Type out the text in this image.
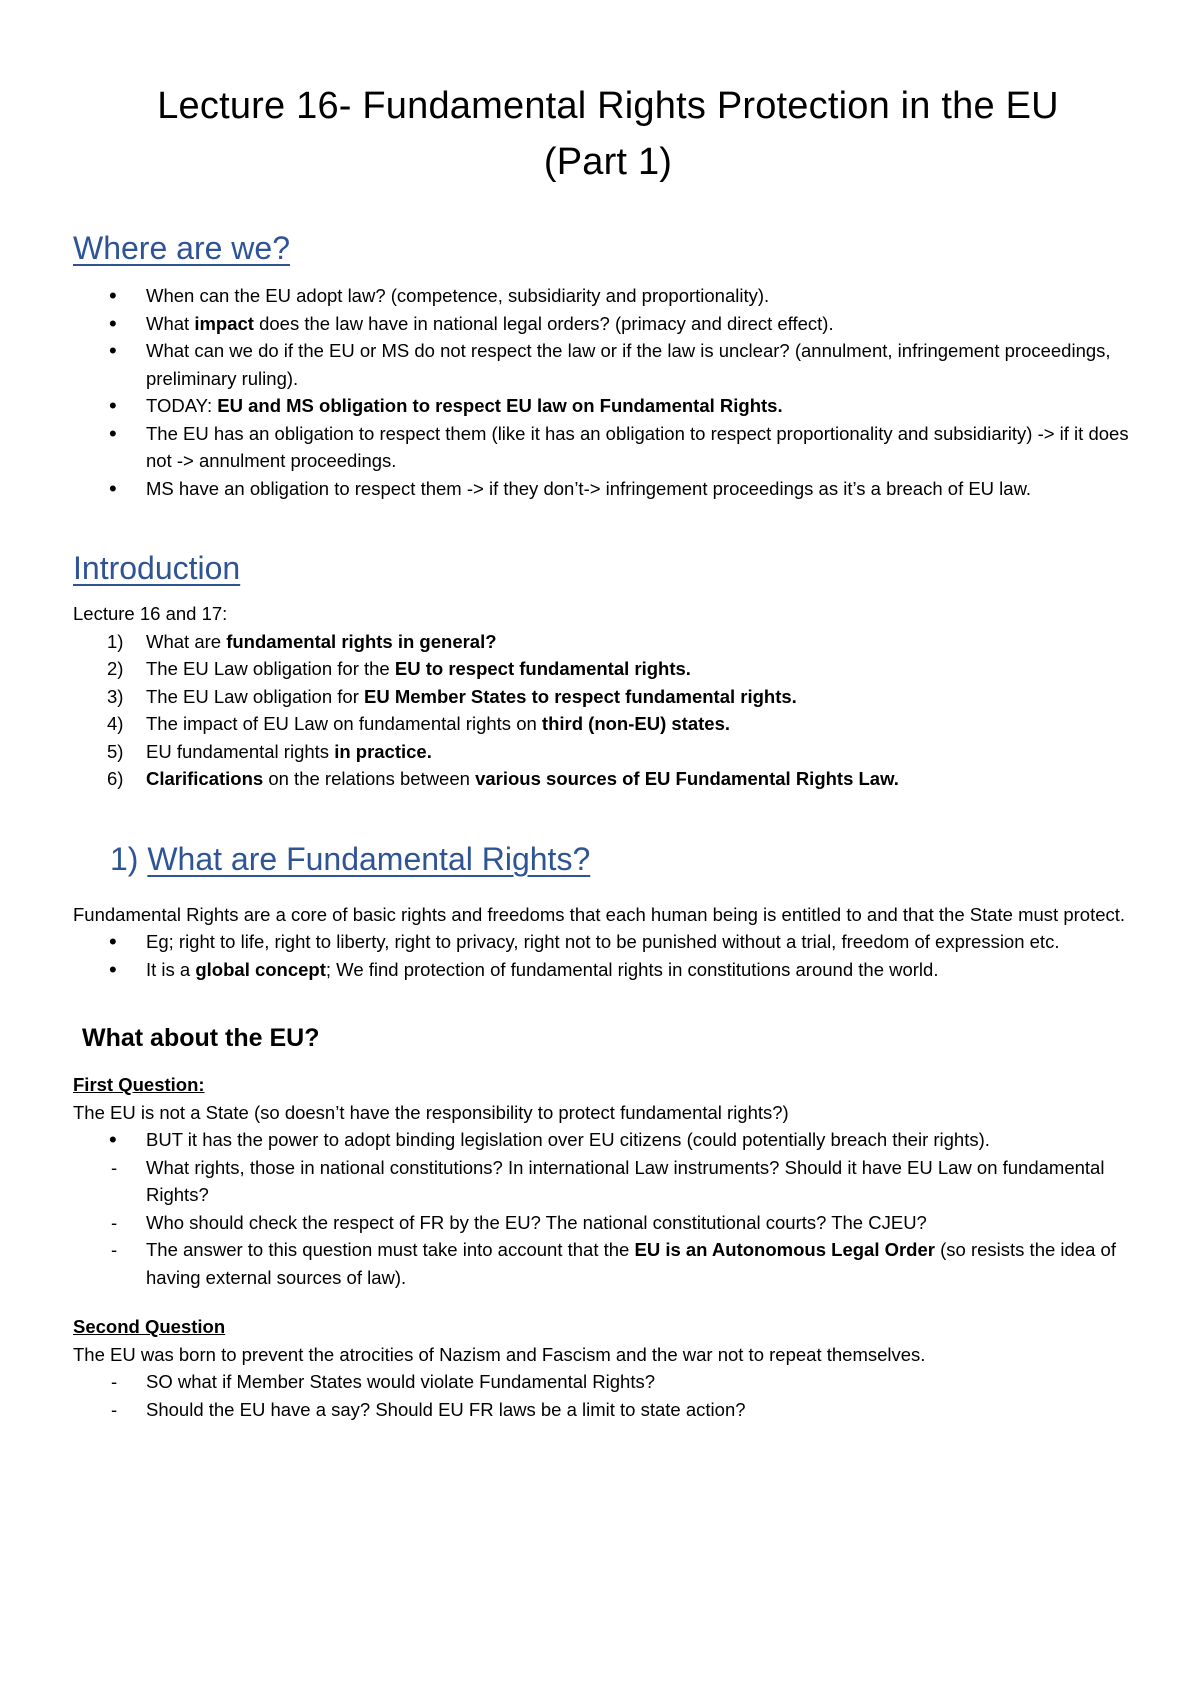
Lecture 16- Fundamental Rights Protection in the EU
(Part 1)
Where are we?
• When can the EU adopt law? (competence, subsidiarity and proportionality).
• What impact does the law have in national legal orders? (primacy and direct effect).
• What can we do if the EU or MS do not respect the law or if the law is unclear? (annulment, infringement proceedings, preliminary ruling).
• TODAY: EU and MS obligation to respect EU law on Fundamental Rights.
• The EU has an obligation to respect them (like it has an obligation to respect proportionality and subsidiarity) -> if it does not -> annulment proceedings.
• MS have an obligation to respect them -> if they don’t-> infringement proceedings as it’s a breach of EU law.
Introduction

Lecture 16 and 17:

1) What are fundamental rights in general?
2) The EU Law obligation for the EU to respect fundamental rights.
3) The EU Law obligation for EU Member States to respect fundamental rights.
4) The impact of EU Law on fundamental rights on third (non-EU) states.
5) EU fundamental rights in practice.
6) Clarifications on the relations between various sources of EU Fundamental Rights Law.
1) What are Fundamental Rights?

Fundamental Rights are a core of basic rights and freedoms that each human being is entitled to and that the State must protect.

• Eg; right to life, right to liberty, right to privacy, right not to be punished without a trial, freedom of expression etc.
• It is a global concept; We find protection of fundamental rights in constitutions around the world.
What about the EU?

First Question:

The EU is not a State (so doesn’t have the responsibility to protect fundamental rights?)

• BUT it has the power to adopt binding legislation over EU citizens (could potentially breach their rights).
- What rights, those in national constitutions? In international Law instruments? Should it have EU Law on fundamental Rights?
- Who should check the respect of FR by the EU? The national constitutional courts? The CJEU?
- The answer to this question must take into account that the EU is an Autonomous Legal Order (so resists the idea of having external sources of law).

Second Question

The EU was born to prevent the atrocities of Nazism and Fascism and the war not to repeat themselves.

- SO what if Member States would violate Fundamental Rights?
- Should the EU have a say? Should EU FR laws be a limit to state action?
